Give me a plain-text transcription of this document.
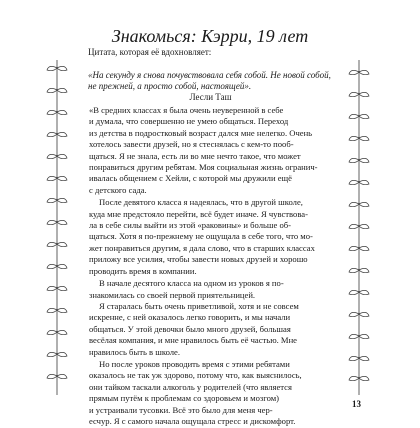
Знакомься: Кэрри, 19 лет
Цитата, которая её вдохновляет:
«На секунду я снова почувствовала себя собой. Не новой собой,
не прежней, а просто собой, настоящей».
Лесли Таш
«В средних классах я была очень неуверенной в себе
и думала, что совершенно не умею общаться. Переход
из детства в подростковый возраст дался мне нелегко. Очень
хотелось завести друзей, но я стеснялась с кем-то пооб-
щаться. Я не знала, есть ли во мне нечто такое, что может
понравиться другим ребятам. Моя социальная жизнь огранич-
ивалась общением с Хейли, с которой мы дружили ещё
с детского сада.
После девятого класса я надеялась, что в другой школе,
куда мне предстояло перейти, всё будет иначе. Я чувствова-
ла в себе силы выйти из этой «раковины» и больше об-
щаться. Хотя я по-прежнему не ощущала в себе того, что мо-
жет понравиться другим, я дала слово, что в старших классах
приложу все усилия, чтобы завести новых друзей и хорошо
проводить время в компании.
В начале десятого класса на одном из уроков я по-
знакомилась со своей первой приятельницей.
Я старалась быть очень приветливой, хотя и не совсем
искренне, с ней оказалось легко говорить, и мы начали
общаться. У этой девочки было много друзей, большая
весёлая компания, и мне нравилось быть её частью. Мне
нравилось быть в школе.
Но после уроков проводить время с этими ребятами
оказалось не так уж здорово, потому что, как выяснилось,
они тайком таскали алкоголь у родителей (что является
прямым путём к проблемам со здоровьем и мозгом)
и устраивали тусовки. Всё это было для меня чер-
есчур. Я с самого начала ощущала стресс и дискомфорт.
13
